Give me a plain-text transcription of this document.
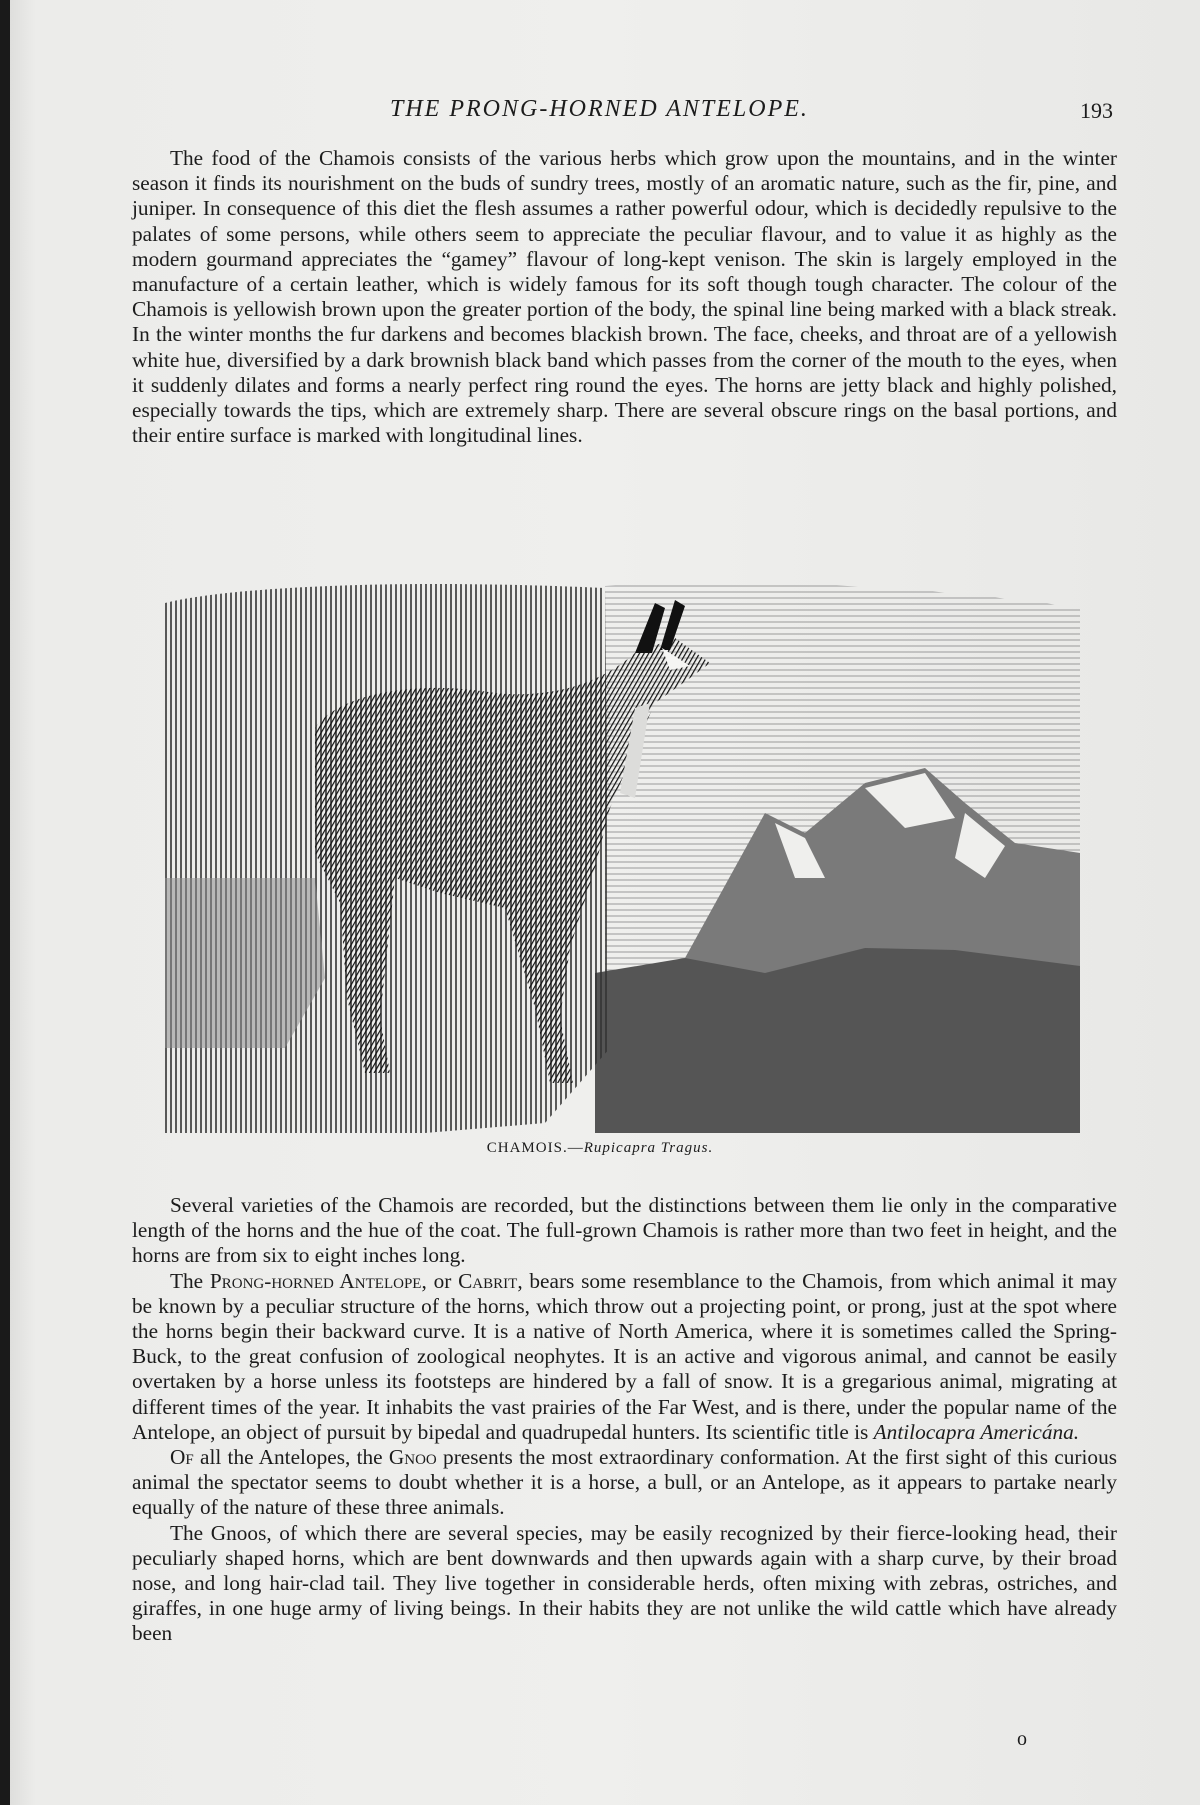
THE PRONG-HORNED ANTELOPE.	193

The food of the Chamois consists of the various herbs which grow upon the mountains, and in the winter season it finds its nourishment on the buds of sundry trees, mostly of an aromatic nature, such as the fir, pine, and juniper. In consequence of this diet the flesh assumes a rather powerful odour, which is decidedly repulsive to the palates of some persons, while others seem to appreciate the peculiar flavour, and to value it as highly as the modern gourmand appreciates the “gamey” flavour of long-kept venison. The skin is largely employed in the manufacture of a certain leather, which is widely famous for its soft though tough character. The colour of the Chamois is yellowish brown upon the greater portion of the body, the spinal line being marked with a black streak. In the winter months the fur darkens and becomes blackish brown. The face, cheeks, and throat are of a yellowish white hue, diversified by a dark brownish black band which passes from the corner of the mouth to the eyes, when it suddenly dilates and forms a nearly perfect ring round the eyes. The horns are jetty black and highly polished, especially towards the tips, which are extremely sharp. There are several obscure rings on the basal portions, and their entire surface is marked with longitudinal lines.

CHAMOIS.—Rupicapra Tragus.

Several varieties of the Chamois are recorded, but the distinctions between them lie only in the comparative length of the horns and the hue of the coat. The full-grown Chamois is rather more than two feet in height, and the horns are from six to eight inches long.

The Prong-horned Antelope, or Cabrit, bears some resemblance to the Chamois, from which animal it may be known by a peculiar structure of the horns, which throw out a projecting point, or prong, just at the spot where the horns begin their backward curve. It is a native of North America, where it is sometimes called the Spring-Buck, to the great confusion of zoological neophytes. It is an active and vigorous animal, and cannot be easily overtaken by a horse unless its footsteps are hindered by a fall of snow. It is a gregarious animal, migrating at different times of the year. It inhabits the vast prairies of the Far West, and is there, under the popular name of the Antelope, an object of pursuit by bipedal and quadrupedal hunters. Its scientific title is Antilocapra Americána.

Of all the Antelopes, the Gnoo presents the most extraordinary conformation. At the first sight of this curious animal the spectator seems to doubt whether it is a horse, a bull, or an Antelope, as it appears to partake nearly equally of the nature of these three animals.

The Gnoos, of which there are several species, may be easily recognized by their fierce-looking head, their peculiarly shaped horns, which are bent downwards and then upwards again with a sharp curve, by their broad nose, and long hair-clad tail. They live together in considerable herds, often mixing with zebras, ostriches, and giraffes, in one huge army of living beings. In their habits they are not unlike the wild cattle which have already been

o
